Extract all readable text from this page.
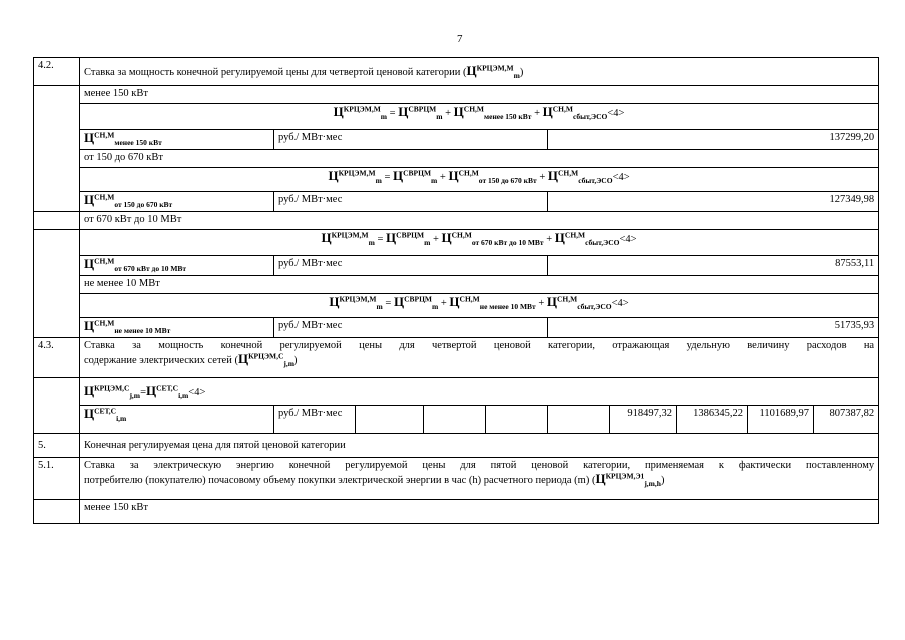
7
4.2.	Ставка за мощность конечной регулируемой цены для четвертой ценовой категории $(Ц^{КРЦЭМ,М}_m)$									
	менее 150 кВт									
	$Ц^{КРЦЭМ,М}_m = Ц^{СВРЦМ}_m + Ц^{СН,М}_{менее 150 кВт} + Ц^{СН,М}_{сбыт,ЭСО}<4>$									
	$Ц^{СН,М}_{менее 150 кВт}$	руб./ МВт·мес				137299,20				
	от 150 до 670 кВт									
	$Ц^{КРЦЭМ,М}_m = Ц^{СВРЦМ}_m + Ц^{СН,М}_{от 150 до 670 кВт} + Ц^{СН,М}_{сбыт,ЭСО}<4>$									
	$Ц^{СН,М}_{от 150 до 670 кВт}$	руб./ МВт·мес				127349,98				
	от 670 кВт до 10 МВт									
	$Ц^{КРЦЭМ,М}_m = Ц^{СВРЦМ}_m + Ц^{СН,М}_{от 670 кВт до 10 МВт} + Ц^{СН,М}_{сбыт,ЭСО}<4>$									
	$Ц^{СН,М}_{от 670 кВт до 10 МВт}$	руб./ МВт·мес				87553,11				
	не менее 10 МВт									
	$Ц^{КРЦЭМ,М}_m = Ц^{СВРЦМ}_m + Ц^{СН,М}_{не менее 10 МВт} + Ц^{СН,М}_{сбыт,ЭСО}<4>$									
	$Ц^{СН,М}_{не менее 10 МВт}$	руб./ МВт·мес				51735,93				
4.3.	Ставка за мощность конечной регулируемой цены для четвертой ценовой категории, отражающая удельную величину расходов на
содержание электрических сетей $(Ц^{КРЦЭМ,С}_{j,m})$									

	$Ц^{КРЦЭМ,С}_{j,m}=Ц^{СЕТ,С}_{i,m}<4>$									
	$Ц^{СЕТ,С}_{i,m}$	руб./ МВт·мес					918497,32	1386345,22	1101689,97	807387,82
5.	Конечная регулируемая цена для пятой ценовой категории									
5.1.	Ставка за электрическую энергию конечной регулируемой цены для пятой ценовой категории, применяемая к фактически поставленному
потребителю (покупателю) почасовому объему покупки электрической энергии в час (h) расчетного периода (m) $(Ц^{КРЦЭМ,Э1}_{j,m,h})$									

	менее 150 кВт									
